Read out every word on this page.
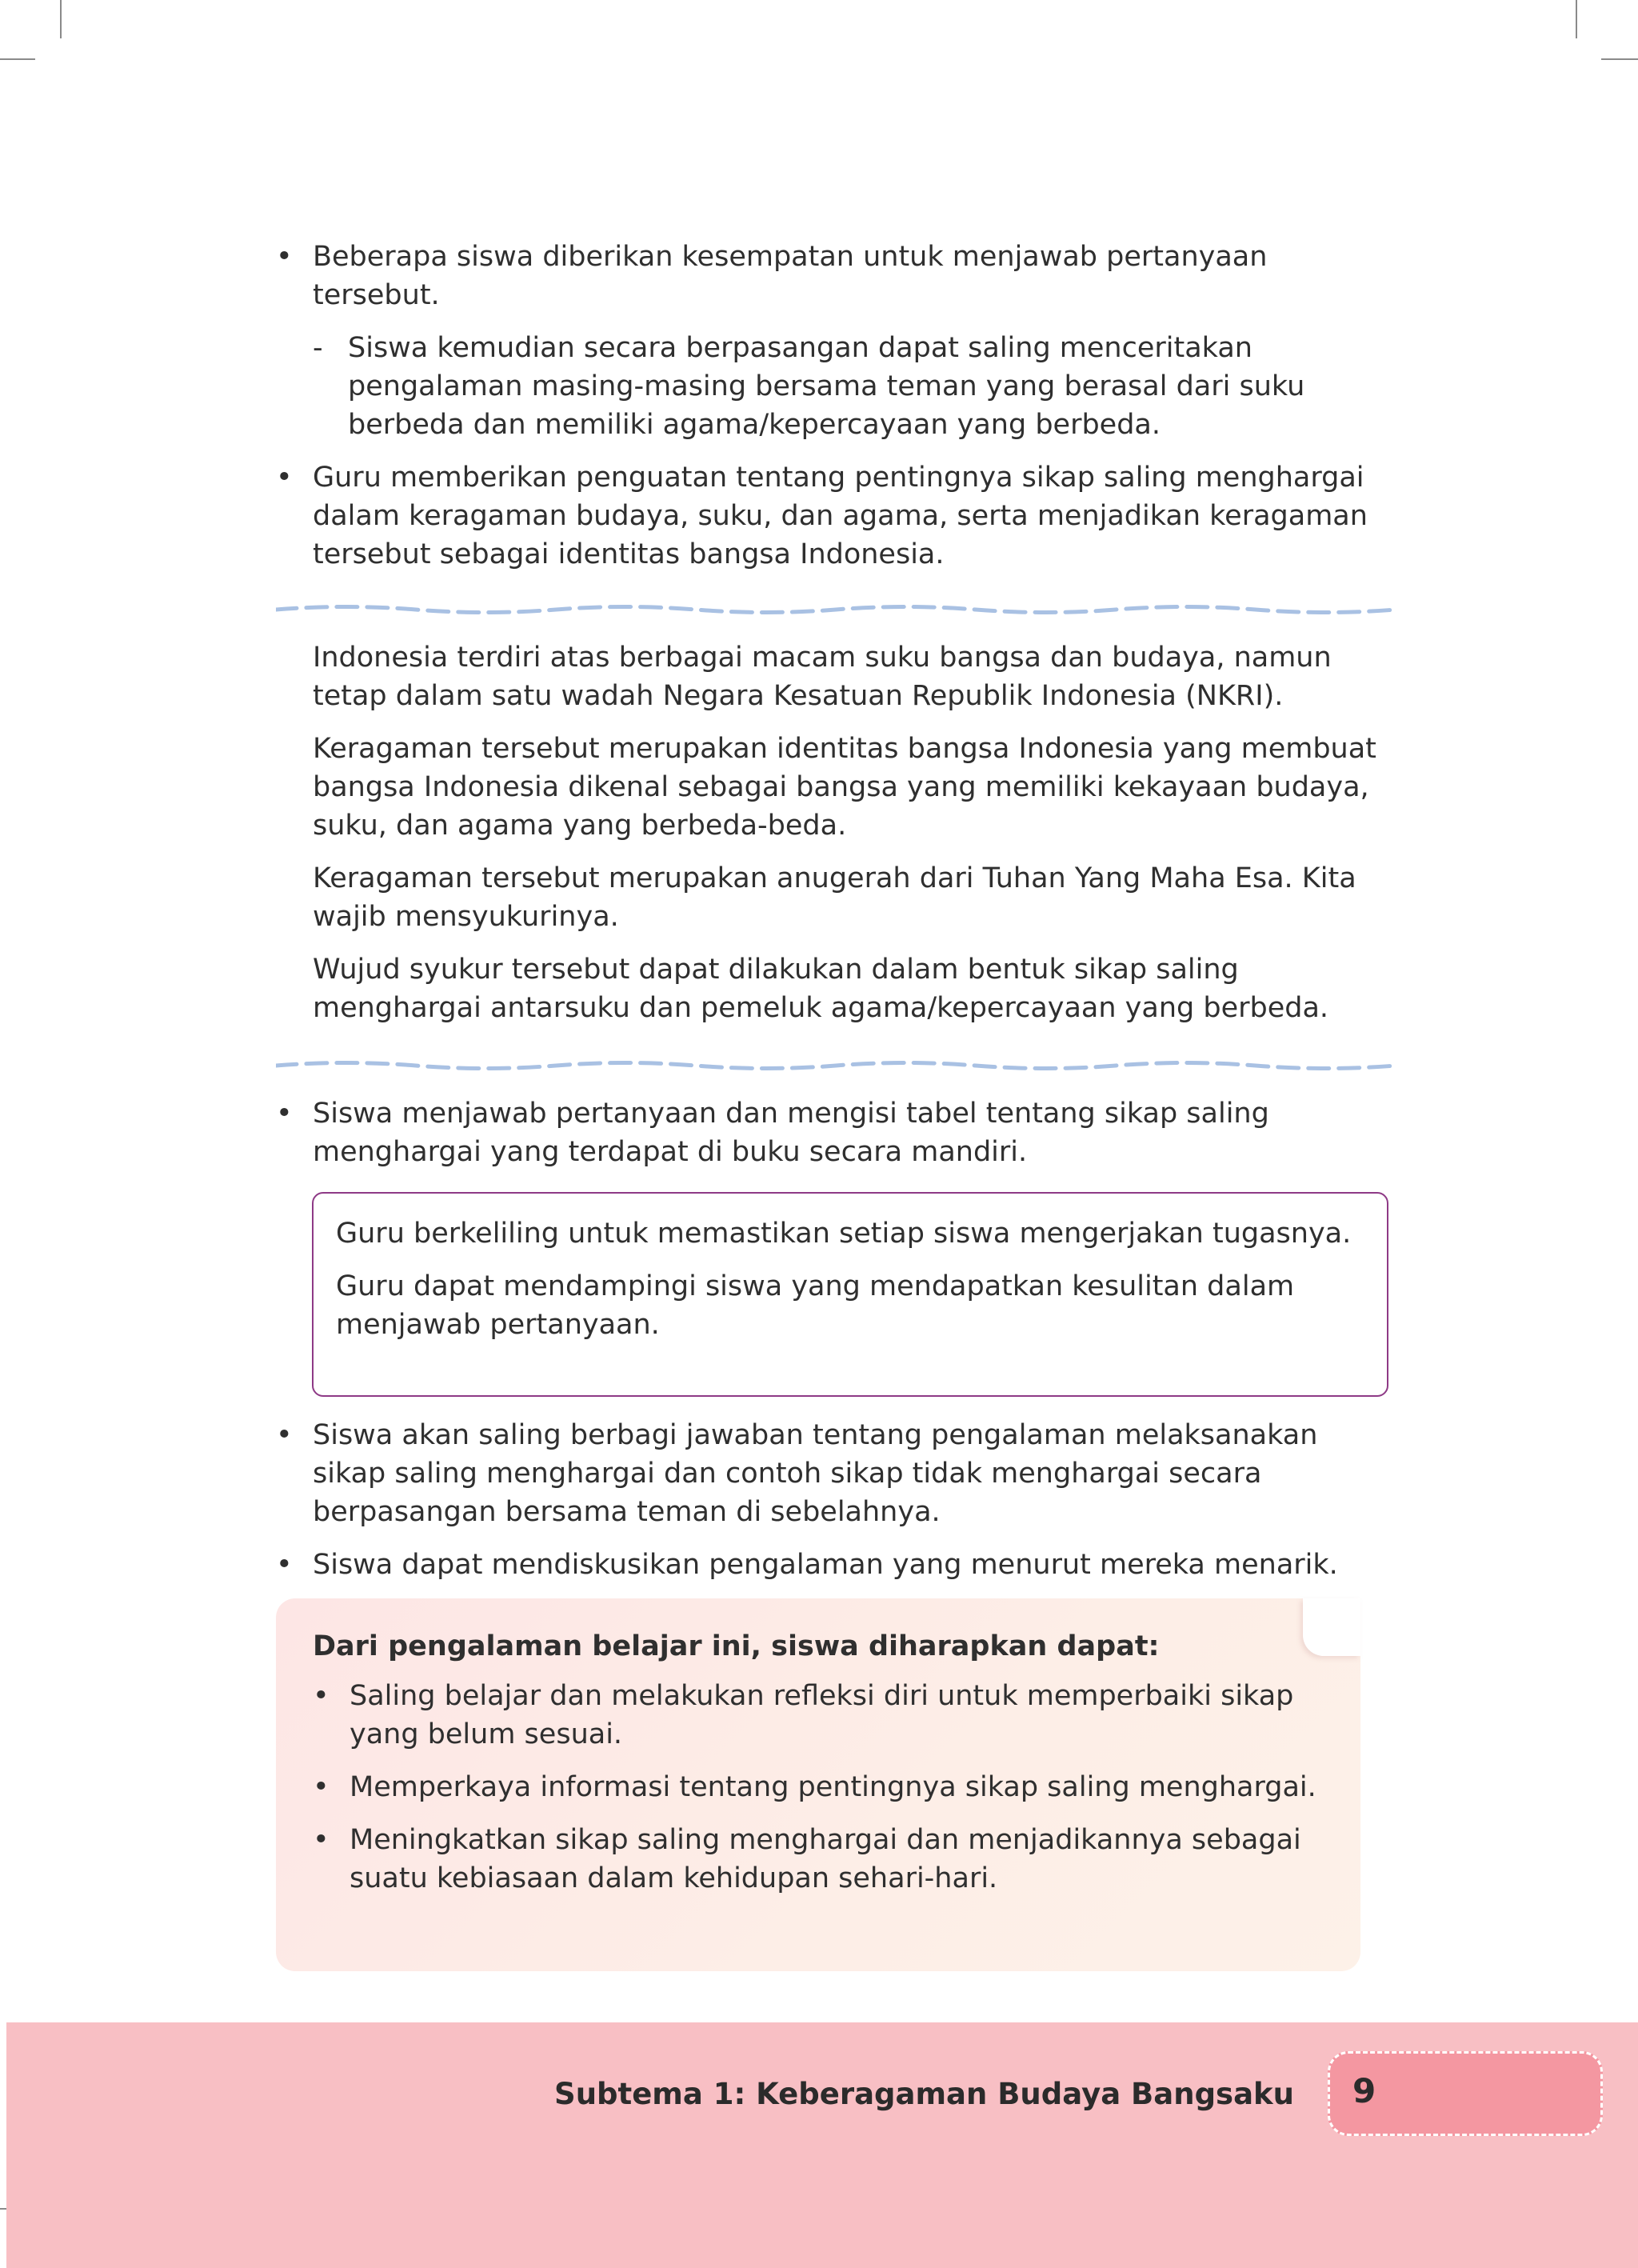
• Beberapa siswa diberikan kesempatan untuk menjawab pertanyaan tersebut.
- Siswa kemudian secara berpasangan dapat saling menceritakan pengalaman masing-masing bersama teman yang berasal dari suku berbeda dan memiliki agama/kepercayaan yang berbeda.
• Guru memberikan penguatan tentang pentingnya sikap saling menghargai dalam keragaman budaya, suku, dan agama, serta menjadikan keragaman tersebut sebagai identitas bangsa Indonesia.

Indonesia terdiri atas berbagai macam suku bangsa dan budaya, namun tetap dalam satu wadah Negara Kesatuan Republik Indonesia (NKRI).

Keragaman tersebut merupakan identitas bangsa Indonesia yang membuat bangsa Indonesia dikenal sebagai bangsa yang memiliki kekayaan budaya, suku, dan agama yang berbeda-beda.

Keragaman tersebut merupakan anugerah dari Tuhan Yang Maha Esa. Kita wajib mensyukurinya.

Wujud syukur tersebut dapat dilakukan dalam bentuk sikap saling menghargai antarsuku dan pemeluk agama/kepercayaan yang berbeda.

• Siswa menjawab pertanyaan dan mengisi tabel tentang sikap saling menghargai yang terdapat di buku secara mandiri.

Guru berkeliling untuk memastikan setiap siswa mengerjakan tugasnya.

Guru dapat mendampingi siswa yang mendapatkan kesulitan dalam menjawab pertanyaan.

• Siswa akan saling berbagi jawaban tentang pengalaman melaksanakan sikap saling menghargai dan contoh sikap tidak menghargai secara berpasangan bersama teman di sebelahnya.
• Siswa dapat mendiskusikan pengalaman yang menurut mereka menarik.
Dari pengalaman belajar ini, siswa diharapkan dapat:
• Saling belajar dan melakukan refleksi diri untuk memperbaiki sikap yang belum sesuai.
• Memperkaya informasi tentang pentingnya sikap saling menghargai.
• Meningkatkan sikap saling menghargai dan menjadikannya sebagai suatu kebiasaan dalam kehidupan sehari-hari.
Subtema 1: Keberagaman Budaya Bangsaku 9
